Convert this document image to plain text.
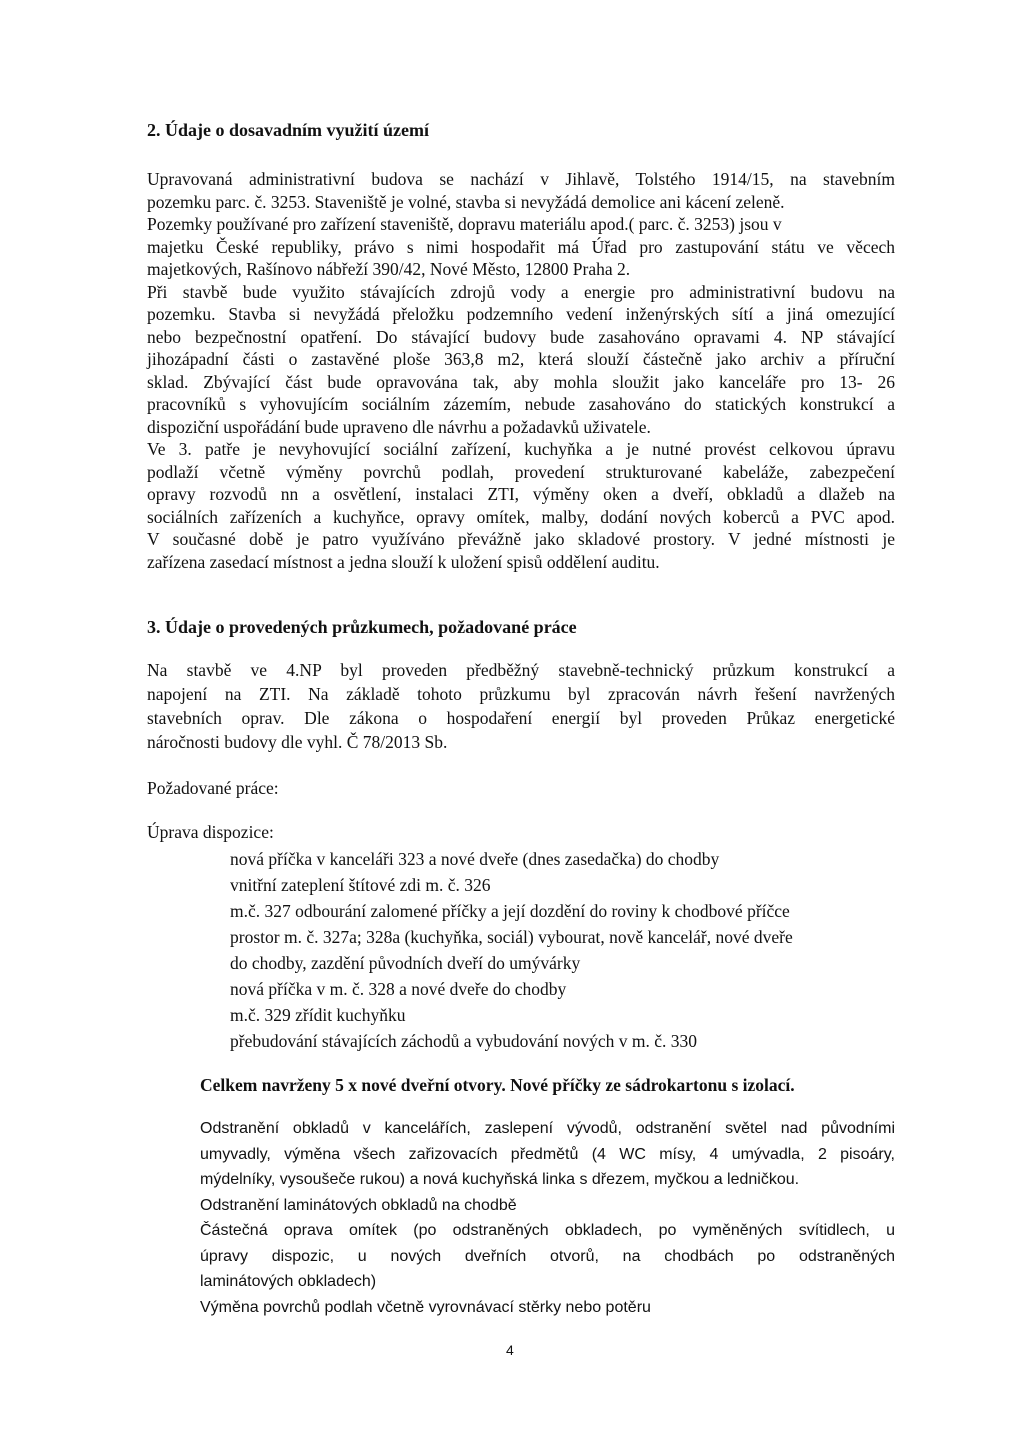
2. Údaje o dosavadním využití území
Upravovaná administrativní budova se nachází v Jihlavě, Tolstého 1914/15, na stavebním
pozemku parc. č. 3253. Staveniště je volné, stavba si nevyžádá demolice ani kácení zeleně.
Pozemky používané pro zařízení staveniště, dopravu materiálu apod.( parc. č. 3253) jsou v
majetku České republiky, právo s nimi hospodařit má Úřad pro zastupování státu ve věcech
majetkových, Rašínovo nábřeží 390/42, Nové Město, 12800 Praha 2.
Při stavbě bude využito stávajících zdrojů vody a energie pro administrativní budovu na
pozemku. Stavba si nevyžádá přeložku podzemního vedení inženýrských sítí a jiná omezující
nebo bezpečnostní opatření. Do stávající budovy bude zasahováno opravami 4. NP stávající
jihozápadní části o zastavěné ploše 363,8 m2, která slouží částečně jako archiv a příruční
sklad. Zbývající část bude opravována tak, aby mohla sloužit jako kanceláře pro 13- 26
pracovníků s vyhovujícím sociálním zázemím, nebude zasahováno do statických konstrukcí a
dispoziční uspořádání bude upraveno dle návrhu a požadavků uživatele.
Ve 3. patře je nevyhovující sociální zařízení, kuchyňka a je nutné provést celkovou úpravu
podlaží včetně výměny povrchů podlah, provedení strukturované kabeláže, zabezpečení
opravy rozvodů nn a osvětlení, instalaci ZTI, výměny oken a dveří, obkladů a dlažeb na
sociálních zařízeních a kuchyňce, opravy omítek, malby, dodání nových koberců a PVC apod.
V současné době je patro využíváno převážně jako skladové prostory. V jedné místnosti je
zařízena zasedací místnost a jedna slouží k uložení spisů oddělení auditu.
3. Údaje o provedených průzkumech, požadované práce
Na stavbě ve 4.NP byl proveden předběžný stavebně-technický průzkum konstrukcí a
napojení na ZTI. Na základě tohoto průzkumu byl zpracován návrh řešení navržených
stavebních oprav. Dle zákona o hospodaření energií byl proveden Průkaz energetické
náročnosti budovy dle vyhl. Č 78/2013 Sb.

Požadované práce:

Úprava dispozice:

nová příčka v kanceláři 323 a nové dveře (dnes zasedačka) do chodby
vnitřní zateplení štítové zdi m. č. 326
m.č. 327 odbourání zalomené příčky a její dozdění do roviny k chodbové příčce
prostor m. č. 327a; 328a (kuchyňka, sociál) vybourat, nově kancelář, nové dveře
do chodby, zazdění původních dveří do umývárky
nová příčka v m. č. 328 a nové dveře do chodby
m.č. 329 zřídit kuchyňku
přebudování stávajících záchodů a vybudování nových v m. č. 330

Celkem navrženy 5 x nové dveřní otvory. Nové příčky ze sádrokartonu s izolací.

Odstranění obkladů v kancelářích, zaslepení vývodů, odstranění světel nad původními
umyvadly, výměna všech zařizovacích předmětů (4 WC mísy, 4 umývadla, 2 pisoáry,
mýdelníky, vysoušeče rukou) a nová kuchyňská linka s dřezem, myčkou a ledničkou.
Odstranění laminátových obkladů na chodbě
Částečná oprava omítek (po odstraněných obkladech, po vyměněných svítidlech, u
úpravy dispozic, u nových dveřních otvorů, na chodbách po odstraněných
laminátových obkladech)
Výměna povrchů podlah včetně vyrovnávací stěrky nebo potěru
4
